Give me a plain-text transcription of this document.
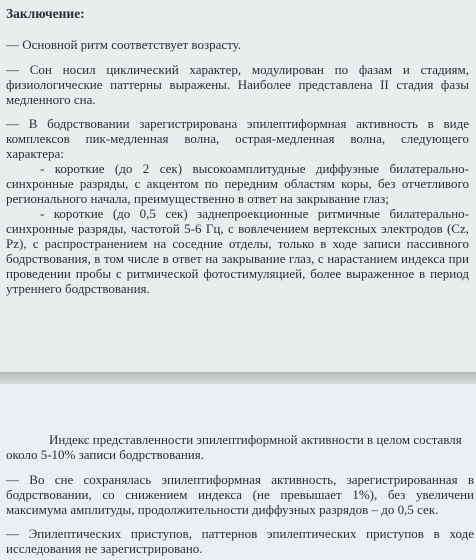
Заключение:
— Основной ритм соответствует возрасту.
— Сон носил циклический характер, модулирован по фазам и стадиям,
физиологические паттерны выражены. Наиболее представлена II стадия фазы
медленного сна.
— В бодрствовании зарегистрирована эпилептиформная активность в виде
комплексов пик-медленная волна, острая-медленная волна, следующего
характера:
- короткие (до 2 сек) высокоамплитудные диффузные билатерально-
синхронные разряды, с акцентом по передним областям коры, без отчетливого
регионального начала, преимущественно в ответ на закрывание глаз;
- короткие (до 0,5 сек) заднепроекционные ритмичные билатерально-
синхронные разряды, частотой 5-6 Гц, с вовлечением вертексных электродов (Cz,
Pz), с распространением на соседние отделы, только в ходе записи пассивного
бодрствования, в том числе в ответ на закрывание глаз, с нарастанием индекса при
проведении пробы с ритмической фотостимуляцией, более выраженное в период
утреннего бодрствования.
Индекс представленности эпилептиформной активности в целом составля
около 5-10% записи бодрствования.
— Во сне сохранялась эпилептиформная активность, зарегистрированная в
бодрствовании, со снижением индекса (не превышает 1%), без увеличени
максимума амплитуды, продолжительности диффузных разрядов – до 0,5 сек.
— Эпилептических приступов, паттернов эпилептических приступов в ходе
исследования не зарегистрировано.
